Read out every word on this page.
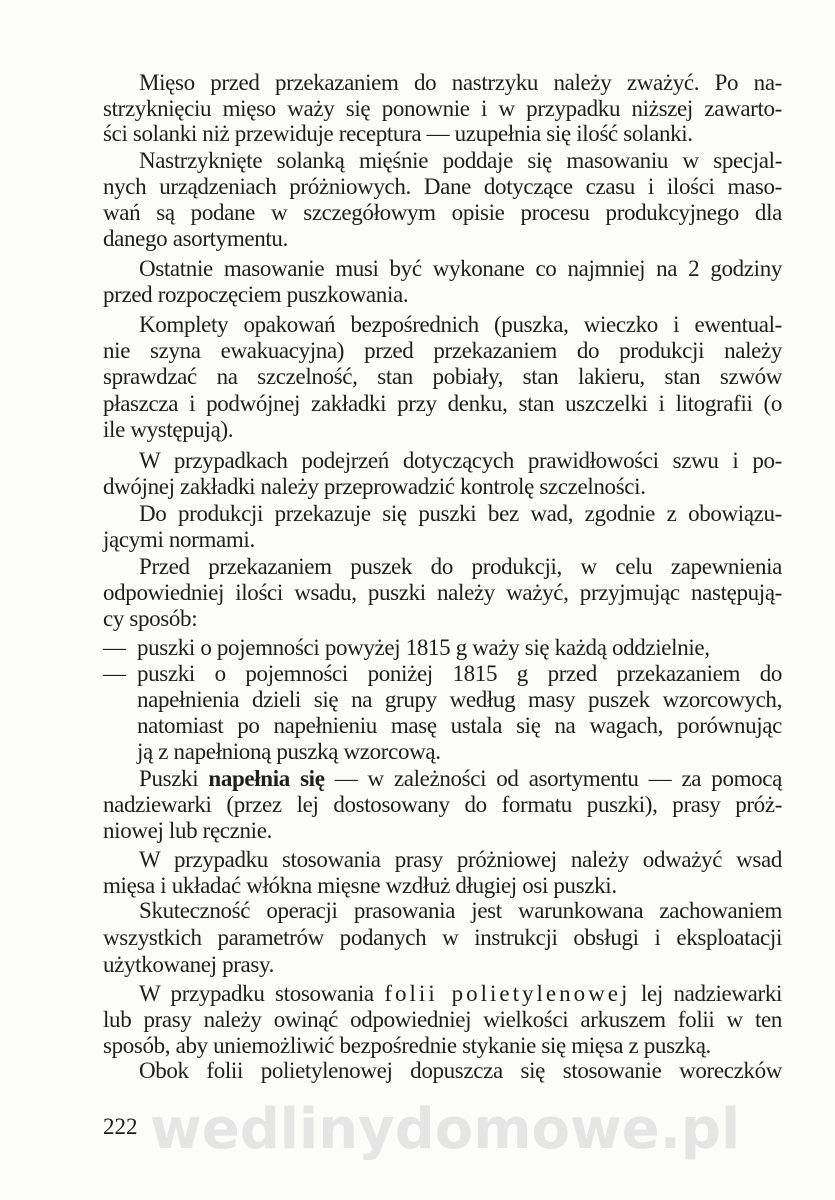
Mięso przed przekazaniem do nastrzyku należy zważyć. Po na-
strzyknięciu mięso waży się ponownie i w przypadku niższej zawarto-
ści solanki niż przewiduje receptura — uzupełnia się ilość solanki.
Nastrzyknięte solanką mięśnie poddaje się masowaniu w specjal-
nych urządzeniach próżniowych. Dane dotyczące czasu i ilości maso-
wań są podane w szczegółowym opisie procesu produkcyjnego dla
danego asortymentu.
Ostatnie masowanie musi być wykonane co najmniej na 2 godziny
przed rozpoczęciem puszkowania.
Komplety opakowań bezpośrednich (puszka, wieczko i ewentual-
nie szyna ewakuacyjna) przed przekazaniem do produkcji należy
sprawdzać na szczelność, stan pobiały, stan lakieru, stan szwów
płaszcza i podwójnej zakładki przy denku, stan uszczelki i litografii (o
ile występują).
W przypadkach podejrzeń dotyczących prawidłowości szwu i po-
dwójnej zakładki należy przeprowadzić kontrolę szczelności.
Do produkcji przekazuje się puszki bez wad, zgodnie z obowiązu-
jącymi normami.
Przed przekazaniem puszek do produkcji, w celu zapewnienia
odpowiedniej ilości wsadu, puszki należy ważyć, przyjmując następują-
cy sposób:
— puszki o pojemności powyżej 1815 g waży się każdą oddzielnie,
— puszki o pojemności poniżej 1815 g przed przekazaniem do
napełnienia dzieli się na grupy według masy puszek wzorcowych,
natomiast po napełnieniu masę ustala się na wagach, porównując
ją z napełnioną puszką wzorcową.
Puszki napełnia się — w zależności od asortymentu — za pomocą
nadziewarki (przez lej dostosowany do formatu puszki), prasy próż-
niowej lub ręcznie.
W przypadku stosowania prasy próżniowej należy odważyć wsad
mięsa i układać włókna mięsne wzdłuż długiej osi puszki.
Skuteczność operacji prasowania jest warunkowana zachowaniem
wszystkich parametrów podanych w instrukcji obsługi i eksploatacji
użytkowanej prasy.
W przypadku stosowania folii polietylenowej lej nadziewarki
lub prasy należy owinąć odpowiedniej wielkości arkuszem folii w ten
sposób, aby uniemożliwić bezpośrednie stykanie się mięsa z puszką.
Obok folii polietylenowej dopuszcza się stosowanie woreczków
wedlinydomowe.pl
222
